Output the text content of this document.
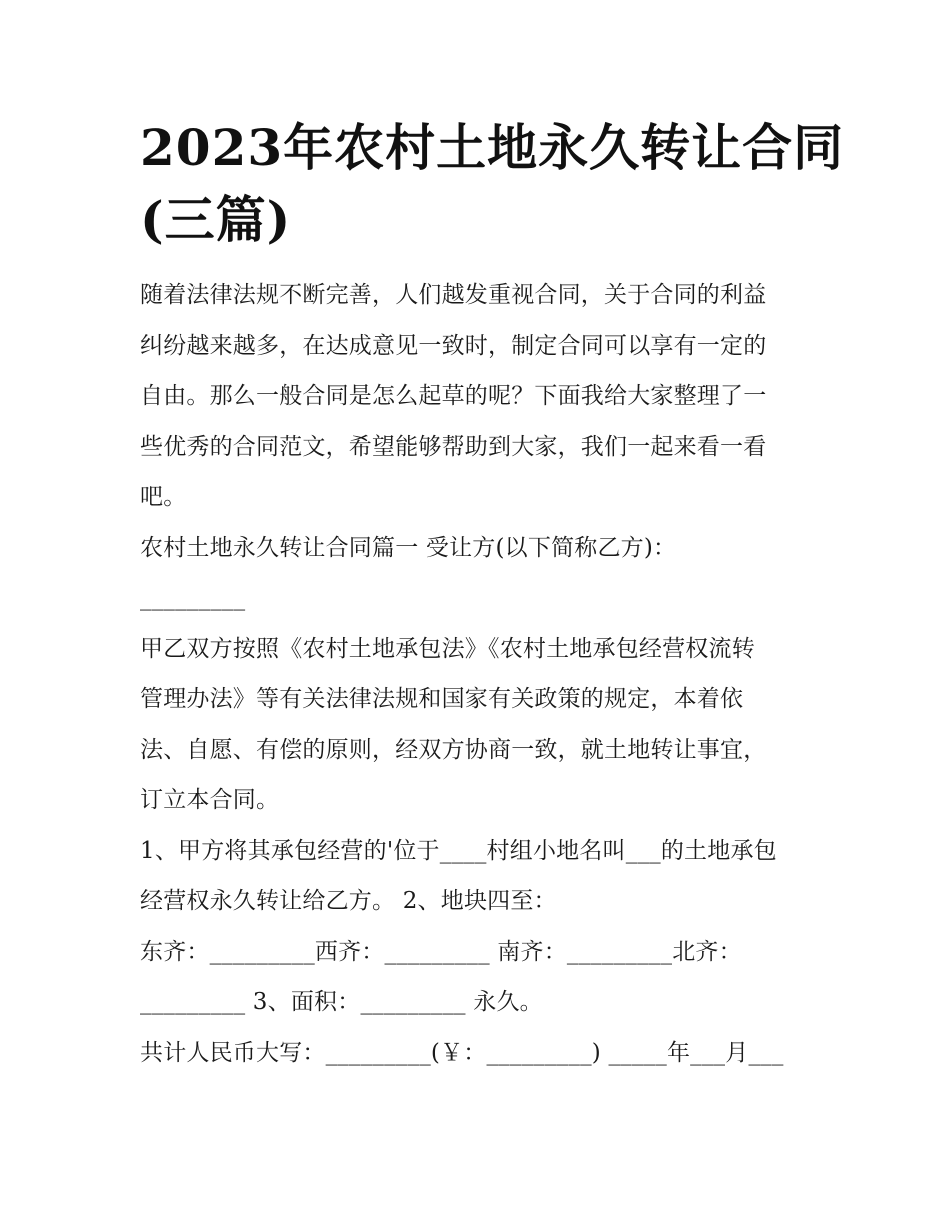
2023年农村土地永久转让合同
(三篇)
随着法律法规不断完善，人们越发重视合同，关于合同的利益
纠纷越来越多，在达成意见一致时，制定合同可以享有一定的
自由。那么一般合同是怎么起草的呢？下面我给大家整理了一
些优秀的合同范文，希望能够帮助到大家，我们一起来看一看
吧。
农村土地永久转让合同篇一 受让方(以下简称乙方)：
_________
甲乙双方按照《农村土地承包法》《农村土地承包经营权流转
管理办法》等有关法律法规和国家有关政策的规定，本着依
法、自愿、有偿的原则，经双方协商一致，就土地转让事宜，
订立本合同。
1、甲方将其承包经营的'位于____村组小地名叫___的土地承包
经营权永久转让给乙方。 2、地块四至：
东齐：_________西齐：_________ 南齐：_________北齐：
_________ 3、面积：_________ 永久。
共计人民币大写：_________(￥：_________) _____年___月___
